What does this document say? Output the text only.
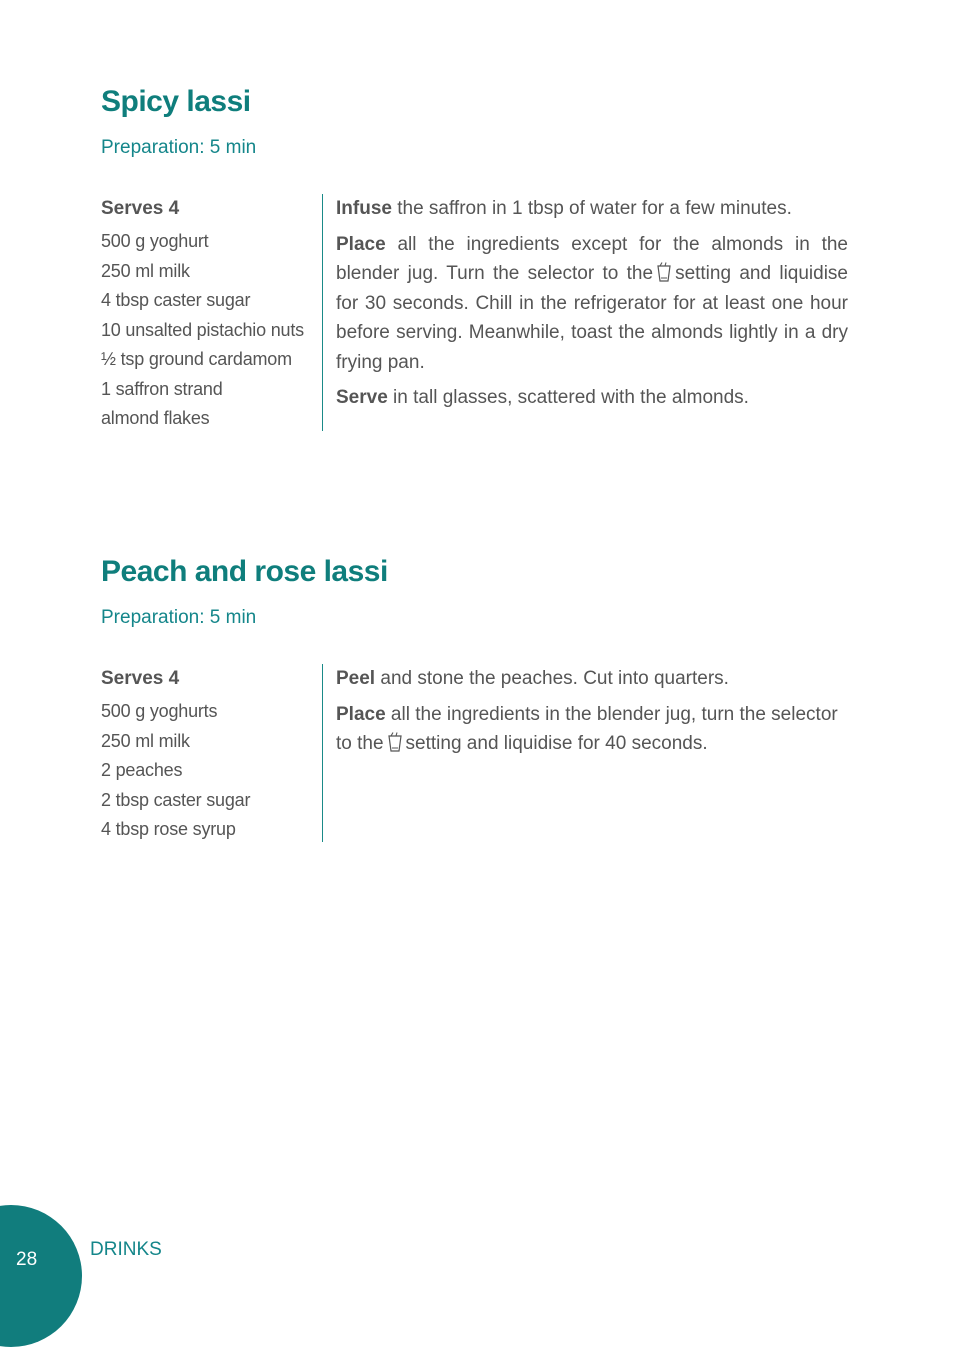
Spicy lassi
Preparation: 5 min
Serves 4
500 g yoghurt
250 ml milk
4 tbsp caster sugar
10 unsalted pistachio nuts
½ tsp ground cardamom
1 saffron strand
almond flakes

Infuse the saffron in 1 tbsp of water for a few minutes.

Place all the ingredients except for the almonds in the blender jug. Turn the selector to the setting and liquidise for 30 seconds. Chill in the refrigerator for at least one hour before serving. Meanwhile, toast the almonds lightly in a dry frying pan.

Serve in tall glasses, scattered with the almonds.

Peach and rose lassi
Preparation: 5 min
Serves 4
500 g yoghurts
250 ml milk
2 peaches
2 tbsp caster sugar
4 tbsp rose syrup

Peel and stone the peaches. Cut into quarters.

Place all the ingredients in the blender jug, turn the selector to the setting and liquidise for 40 seconds.

28	DRINKS
